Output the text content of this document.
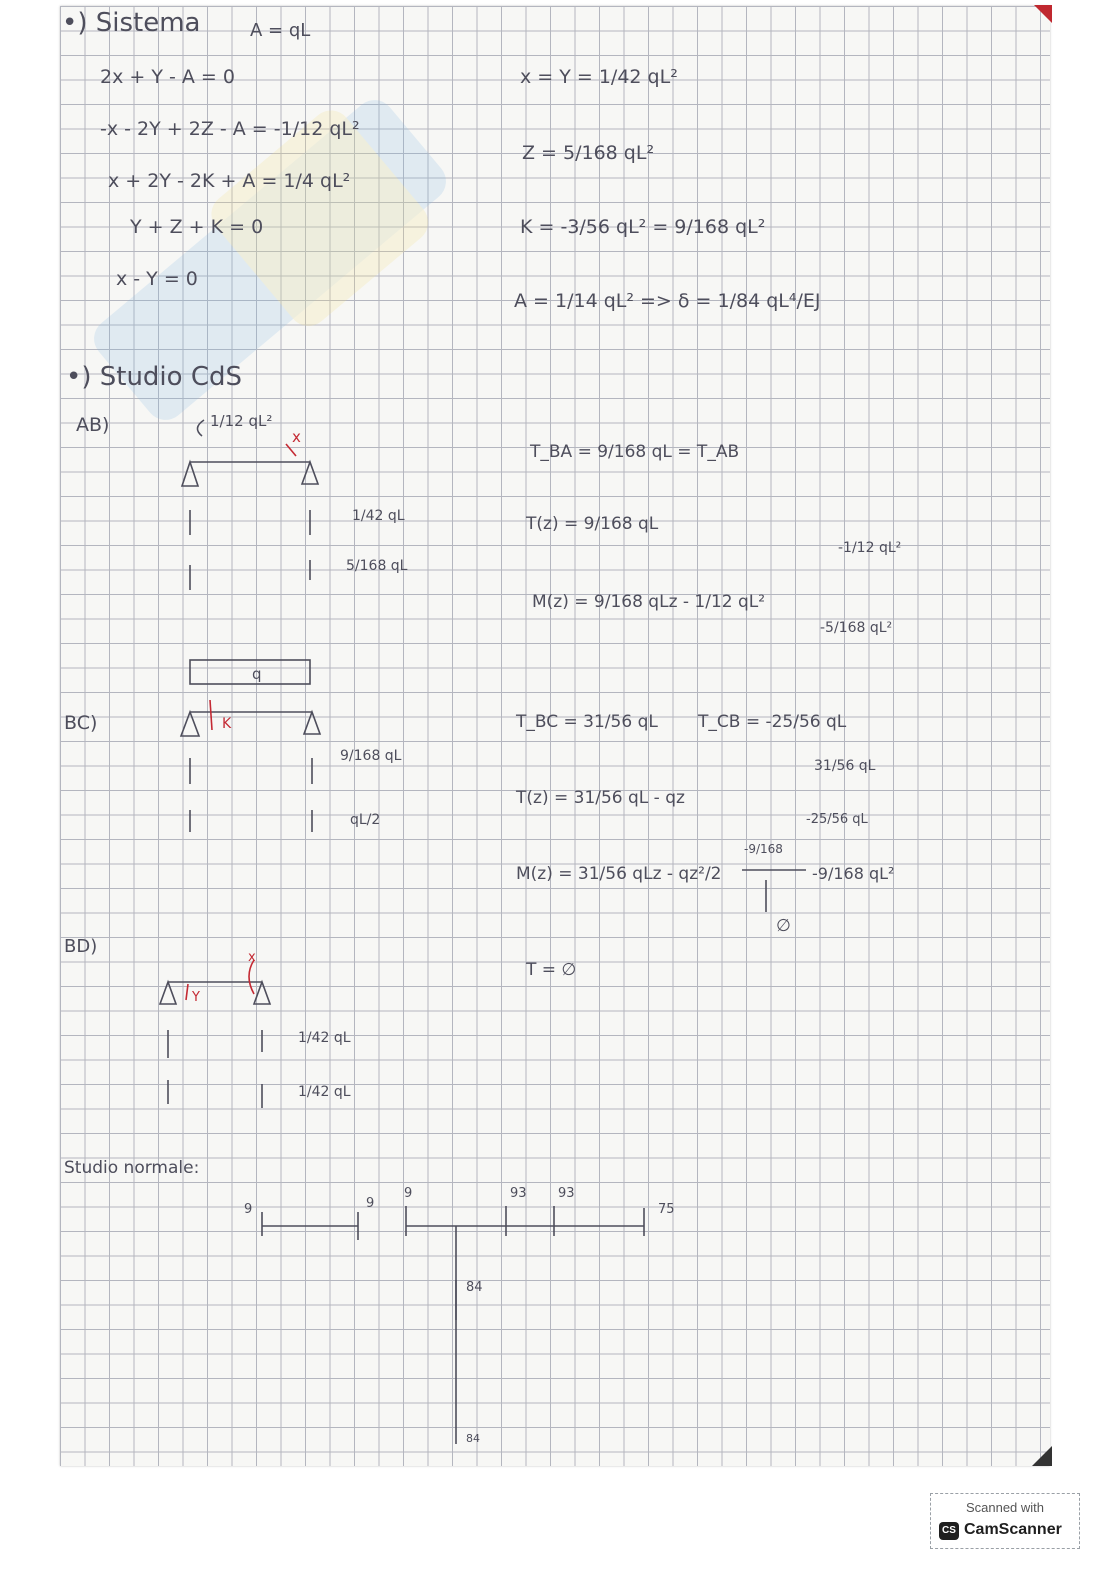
•) Sistema	A = qL
2x + Y - A = 0
-x - 2Y + 2Z - A = -1/12 qL²
x + 2Y - 2K + A = 1/4 qL²
Y + Z + K = 0
x - Y = 0
x = Y = 1/42 qL²
Z = 5/168 qL²
K = -3/56 qL² = 9/168 qL²
A = 1/14 qL² => δ = 1/84 qL⁴/EJ
•) Studio CdS
AB)	1/12 qL²
x
1/42 qL
5/168 qL
T_BA = 9/168 qL = T_AB
T(z) = 9/168 qL
M(z) = 9/168 qLz - 1/12 qL²
-1/12 qL²
-5/168 qL²
BC)
q
K
9/168 qL
qL/2
T_BC = 31/56 qL T_CB = -25/56 qL
T(z) = 31/56 qL - qz
M(z) = 31/56 qLz - qz²/2
31/56 qL
-25/56 qL
-9/168
-9/168 qL²
∅
BD)
Y
x
1/42 qL
1/42 qL
T = ∅
Studio normale:
9	9
9	93 93
75
84
84
Scanned with
CS CamScanner
